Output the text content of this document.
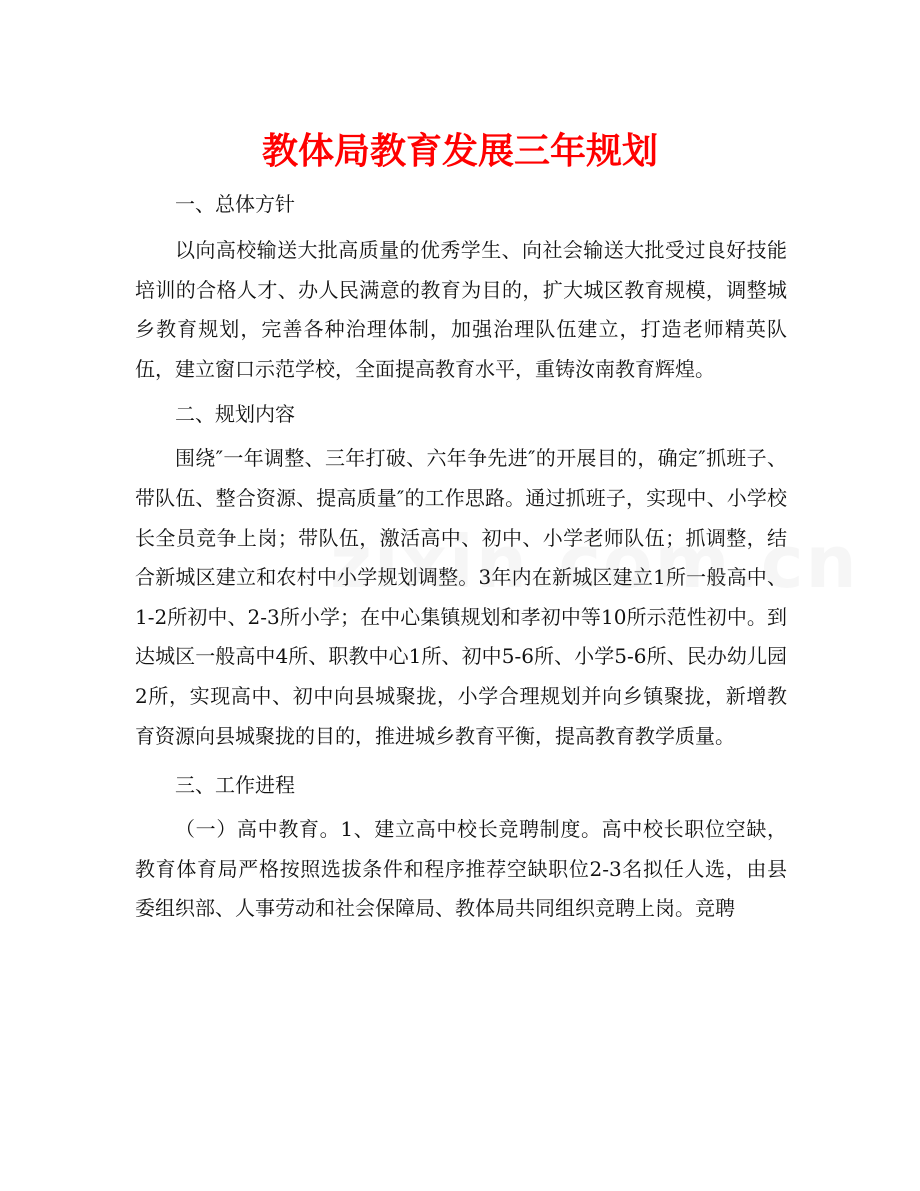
教体局教育发展三年规划

一、总体方针

以向高校输送大批高质量的优秀学生、向社会输送大批受过良好技能培训的合格人才、办人民满意的教育为目的，扩大城区教育规模，调整城乡教育规划，完善各种治理体制，加强治理队伍建立，打造老师精英队伍，建立窗口示范学校，全面提高教育水平，重铸汝南教育辉煌。

二、规划内容

围绕″一年调整、三年打破、六年争先进″的开展目的，确定″抓班子、带队伍、整合资源、提高质量″的工作思路。通过抓班子，实现中、小学校长全员竞争上岗；带队伍，激活高中、初中、小学老师队伍；抓调整，结合新城区建立和农村中小学规划调整。3年内在新城区建立1所一般高中、1-2所初中、2-3所小学；在中心集镇规划和孝初中等10所示范性初中。到达城区一般高中4所、职教中心1所、初中5-6所、小学5-6所、民办幼儿园2所，实现高中、初中向县城聚拢，小学合理规划并向乡镇聚拢，新增教育资源向县城聚拢的目的，推进城乡教育平衡，提高教育教学质量。

三、工作进程

（一）高中教育。1、建立高中校长竞聘制度。高中校长职位空缺，教育体育局严格按照选拔条件和程序推荐空缺职位2-3名拟任人选，由县委组织部、人事劳动和社会保障局、教体局共同组织竞聘上岗。竞聘
